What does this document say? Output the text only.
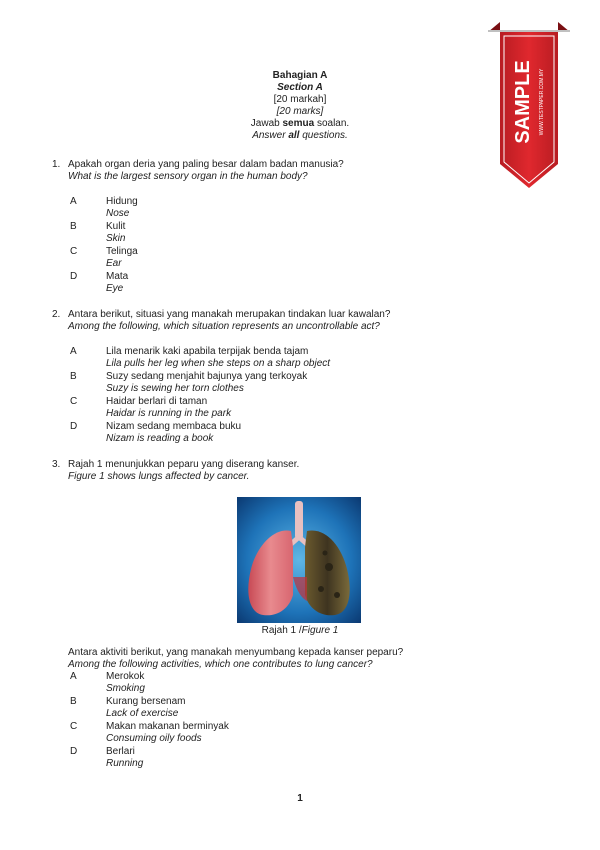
SAMPLE WWW.TESTPAPER.COM.MY
Bahagian A
Section A
[20 markah]
[20 marks]
Jawab semua soalan.
Answer all questions.
1. Apakah organ deria yang paling besar dalam badan manusia?
What is the largest sensory organ in the human body?
A	Hidung
Nose
B	Kulit
Skin
C	Telinga
Ear
D	Mata
Eye
2. Antara berikut, situasi yang manakah merupakan tindakan luar kawalan?
Among the following, which situation represents an uncontrollable act?
A	Lila menarik kaki apabila terpijak benda tajam
Lila pulls her leg when she steps on a sharp object
B	Suzy sedang menjahit bajunya yang terkoyak
Suzy is sewing her torn clothes
C	Haidar berlari di taman
Haidar is running in the park
D	Nizam sedang membaca buku
Nizam is reading a book
3. Rajah 1 menunjukkan peparu yang diserang kanser.
Figure 1 shows lungs affected by cancer.
Rajah 1 /Figure 1
Antara aktiviti berikut, yang manakah menyumbang kepada kanser peparu?
Among the following activities, which one contributes to lung cancer?
A	Merokok
Smoking
B	Kurang bersenam
Lack of exercise
C	Makan makanan berminyak
Consuming oily foods
D	Berlari
Running
1
